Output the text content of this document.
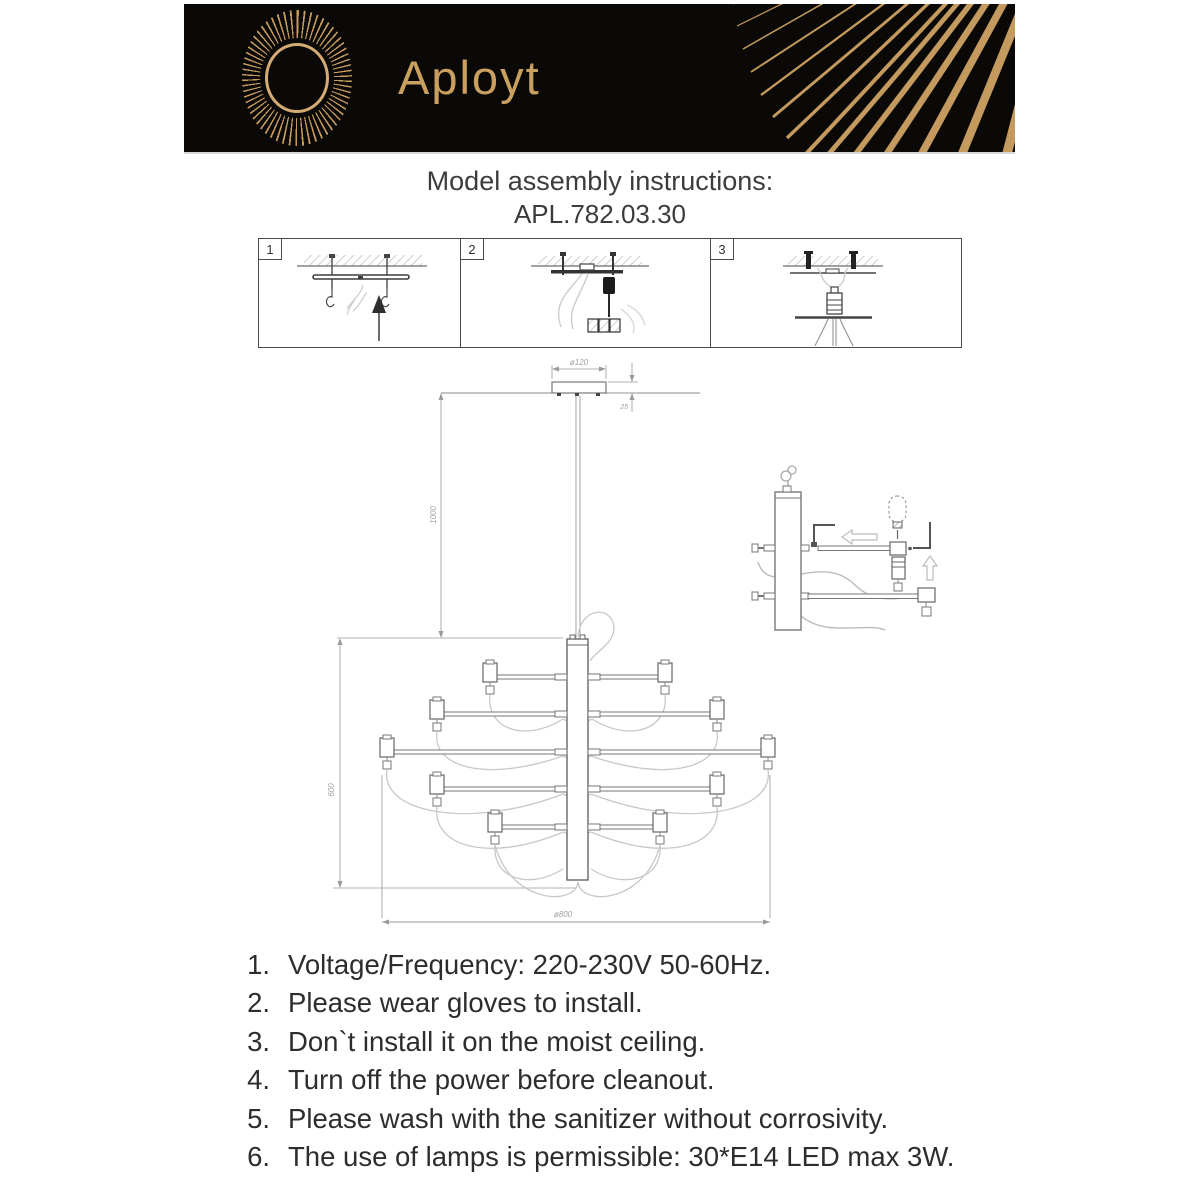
Aployt
Model assembly instructions:
APL.782.03.30
1	2	3
ø120
25
1000
600
ø800
1. Voltage/Frequency: 220-230V 50-60Hz.
2. Please wear gloves to install.
3. Don`t install it on the moist ceiling.
4. Turn off the power before cleanout.
5. Please wash with the sanitizer without corrosivity.
6. The use of lamps is permissible: 30*E14 LED max 3W.
